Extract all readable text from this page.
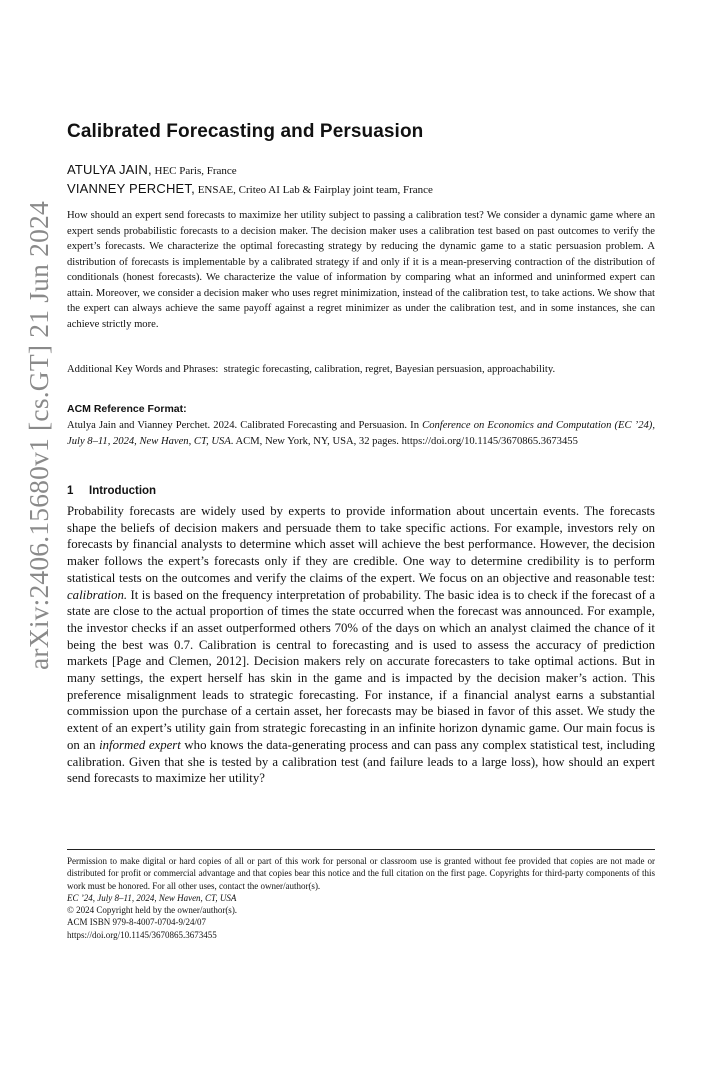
arXiv:2406.15680v1 [cs.GT] 21 Jun 2024
Calibrated Forecasting and Persuasion
ATULYA JAIN, HEC Paris, France
VIANNEY PERCHET, ENSAE, Criteo AI Lab & Fairplay joint team, France

How should an expert send forecasts to maximize her utility subject to passing a calibration test? We consider a dynamic game where an expert sends probabilistic forecasts to a decision maker. The decision maker uses a calibration test based on past outcomes to verify the expert’s forecasts. We characterize the optimal forecasting strategy by reducing the dynamic game to a static persuasion problem. A distribution of forecasts is implementable by a calibrated strategy if and only if it is a mean-preserving contraction of the distribution of conditionals (honest forecasts). We characterize the value of information by comparing what an informed and uninformed expert can attain. Moreover, we consider a decision maker who uses regret minimization, instead of the calibration test, to take actions. We show that the expert can always achieve the same payoff against a regret minimizer as under the calibration test, and in some instances, she can achieve strictly more.

Additional Key Words and Phrases: strategic forecasting, calibration, regret, Bayesian persuasion, approachability.

ACM Reference Format:

Atulya Jain and Vianney Perchet. 2024. Calibrated Forecasting and Persuasion. In Conference on Economics and Computation (EC ’24), July 8–11, 2024, New Haven, CT, USA. ACM, New York, NY, USA, 32 pages. https://doi.org/10.1145/3670865.3673455

1 Introduction

Probability forecasts are widely used by experts to provide information about uncertain events. The forecasts shape the beliefs of decision makers and persuade them to take specific actions. For example, investors rely on forecasts by financial analysts to determine which asset will achieve the best performance. However, the decision maker follows the expert’s forecasts only if they are credible. One way to determine credibility is to perform statistical tests on the outcomes and verify the claims of the expert. We focus on an objective and reasonable test: calibration. It is based on the frequency interpretation of probability. The basic idea is to check if the forecast of a state are close to the actual proportion of times the state occurred when the forecast was announced. For example, the investor checks if an asset outperformed others 70% of the days on which an analyst claimed the chance of it being the best was 0.7. Calibration is central to forecasting and is used to assess the accuracy of prediction markets [Page and Clemen, 2012]. Decision makers rely on accurate forecasters to take optimal actions. But in many settings, the expert herself has skin in the game and is impacted by the decision maker’s action. This preference misalignment leads to strategic forecasting. For instance, if a financial analyst earns a substantial commission upon the purchase of a certain asset, her forecasts may be biased in favor of this asset. We study the extent of an expert’s utility gain from strategic forecasting in an infinite horizon dynamic game. Our main focus is on an informed expert who knows the data-generating process and can pass any complex statistical test, including calibration. Given that she is tested by a calibration test (and failure leads to a large loss), how should an expert send forecasts to maximize her utility?

Permission to make digital or hard copies of all or part of this work for personal or classroom use is granted without fee provided that copies are not made or distributed for profit or commercial advantage and that copies bear this notice and the full citation on the first page. Copyrights for third-party components of this work must be honored. For all other uses, contact the owner/author(s).
EC ’24, July 8–11, 2024, New Haven, CT, USA
© 2024 Copyright held by the owner/author(s).
ACM ISBN 979-8-4007-0704-9/24/07
https://doi.org/10.1145/3670865.3673455
